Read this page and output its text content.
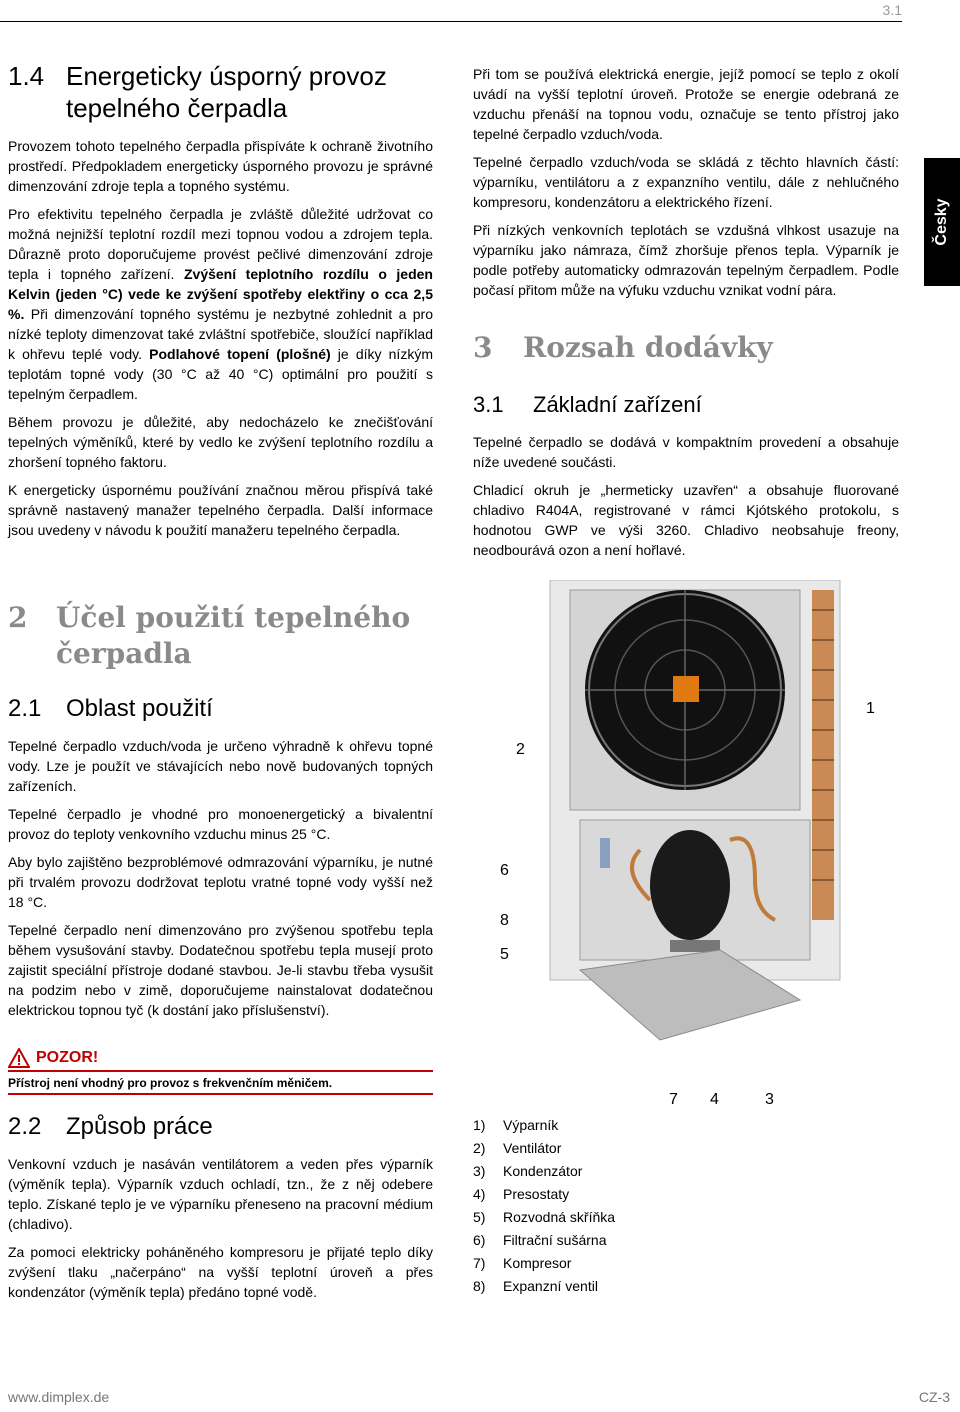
3.1
Česky
1.4 Energeticky úsporný provoz
tepelného čerpadla

Provozem tohoto tepelného čerpadla přispíváte k ochraně životního prostředí. Předpokladem energeticky úsporného provozu je správné dimenzování zdroje tepla a topného systému.

Pro efektivitu tepelného čerpadla je zvláště důležité udržovat co možná nejnižší teplotní rozdíl mezi topnou vodou a zdrojem tepla. Důrazně proto doporučujeme provést pečlivé dimenzování zdroje tepla i topného zařízení. Zvýšení teplotního rozdílu o jeden Kelvin (jeden °C) vede ke zvýšení spotřeby elektřiny o cca 2,5 %. Při dimenzování topného systému je nezbytné zohlednit a pro nízké teploty dimenzovat také zvláštní spotřebiče, sloužící například k ohřevu teplé vody. Podlahové topení (plošné) je díky nízkým teplotám topné vody (30 °C až 40 °C) optimální pro použití s tepelným čerpadlem.

Během provozu je důležité, aby nedocházelo ke znečišťování tepelných výměníků, které by vedlo ke zvýšení teplotního rozdílu a zhoršení topného faktoru.

K energeticky úspornému používání značnou měrou přispívá také správně nastavený manažer tepelného čerpadla. Další informace jsou uvedeny v návodu k použití manažeru tepelného čerpadla.

2 Účel použití tepelného
čerpadla
2.1 Oblast použití

Tepelné čerpadlo vzduch/voda je určeno výhradně k ohřevu topné vody. Lze je použít ve stávajících nebo nově budovaných topných zařízeních.

Tepelné čerpadlo je vhodné pro monoenergetický a bivalentní provoz do teploty venkovního vzduchu minus 25 °C.

Aby bylo zajištěno bezproblémové odmrazování výparníku, je nutné při trvalém provozu dodržovat teplotu vratné topné vody vyšší než 18 °C.

Tepelné čerpadlo není dimenzováno pro zvýšenou spotřebu tepla během vysušování stavby. Dodatečnou spotřebu tepla musejí proto zajistit speciální přístroje dodané stavbou. Je-li stavbu třeba vysušit na podzim nebo v zimě, doporučujeme nainstalovat dodatečnou elektrickou topnou tyč (k dostání jako příslušenství).

POZOR!
Přístroj není vhodný pro provoz s frekvenčním měničem.
2.2 Způsob práce

Venkovní vzduch je nasáván ventilátorem a veden přes výparník (výměník tepla). Výparník vzduch ochladí, tzn., že z něj odebere teplo. Získané teplo je ve výparníku přeneseno na pracovní médium (chladivo).

Za pomoci elektricky poháněného kompresoru je přijaté teplo díky zvýšení tlaku „načerpáno“ na vyšší teplotní úroveň a přes kondenzátor (výměník tepla) předáno topné vodě.

Při tom se používá elektrická energie, jejíž pomocí se teplo z okolí uvádí na vyšší teplotní úroveň. Protože se energie odebraná ze vzduchu přenáší na topnou vodu, označuje se tento přístroj jako tepelné čerpadlo vzduch/voda.

Tepelné čerpadlo vzduch/voda se skládá z těchto hlavních částí: výparníku, ventilátoru a z expanzního ventilu, dále z nehlučného kompresoru, kondenzátoru a elektrického řízení.

Při nízkých venkovních teplotách se vzdušná vlhkost usazuje na výparníku jako námraza, čímž zhoršuje přenos tepla. Výparník je podle potřeby automaticky odmrazován tepelným čerpadlem. Podle počasí přitom může na výfuku vzduchu vznikat vodní pára.

3 Rozsah dodávky
3.1 Základní zařízení

Tepelné čerpadlo se dodává v kompaktním provedení a obsahuje níže uvedené součásti.

Chladicí okruh je „hermeticky uzavřen“ a obsahuje fluorované chladivo R404A, registrované v rámci Kjótského protokolu, s hodnotou GWP ve výši 3260. Chladivo neobsahuje freony, neodbourává ozon a není hořlavé.

1
2
6
8
5
7 4	3
1) Výparník
2) Ventilátor
3) Kondenzátor
4) Presostaty
5) Rozvodná skříňka
6) Filtrační sušárna
7) Kompresor
8) Expanzní ventil
www.dimplex.de	CZ-3
